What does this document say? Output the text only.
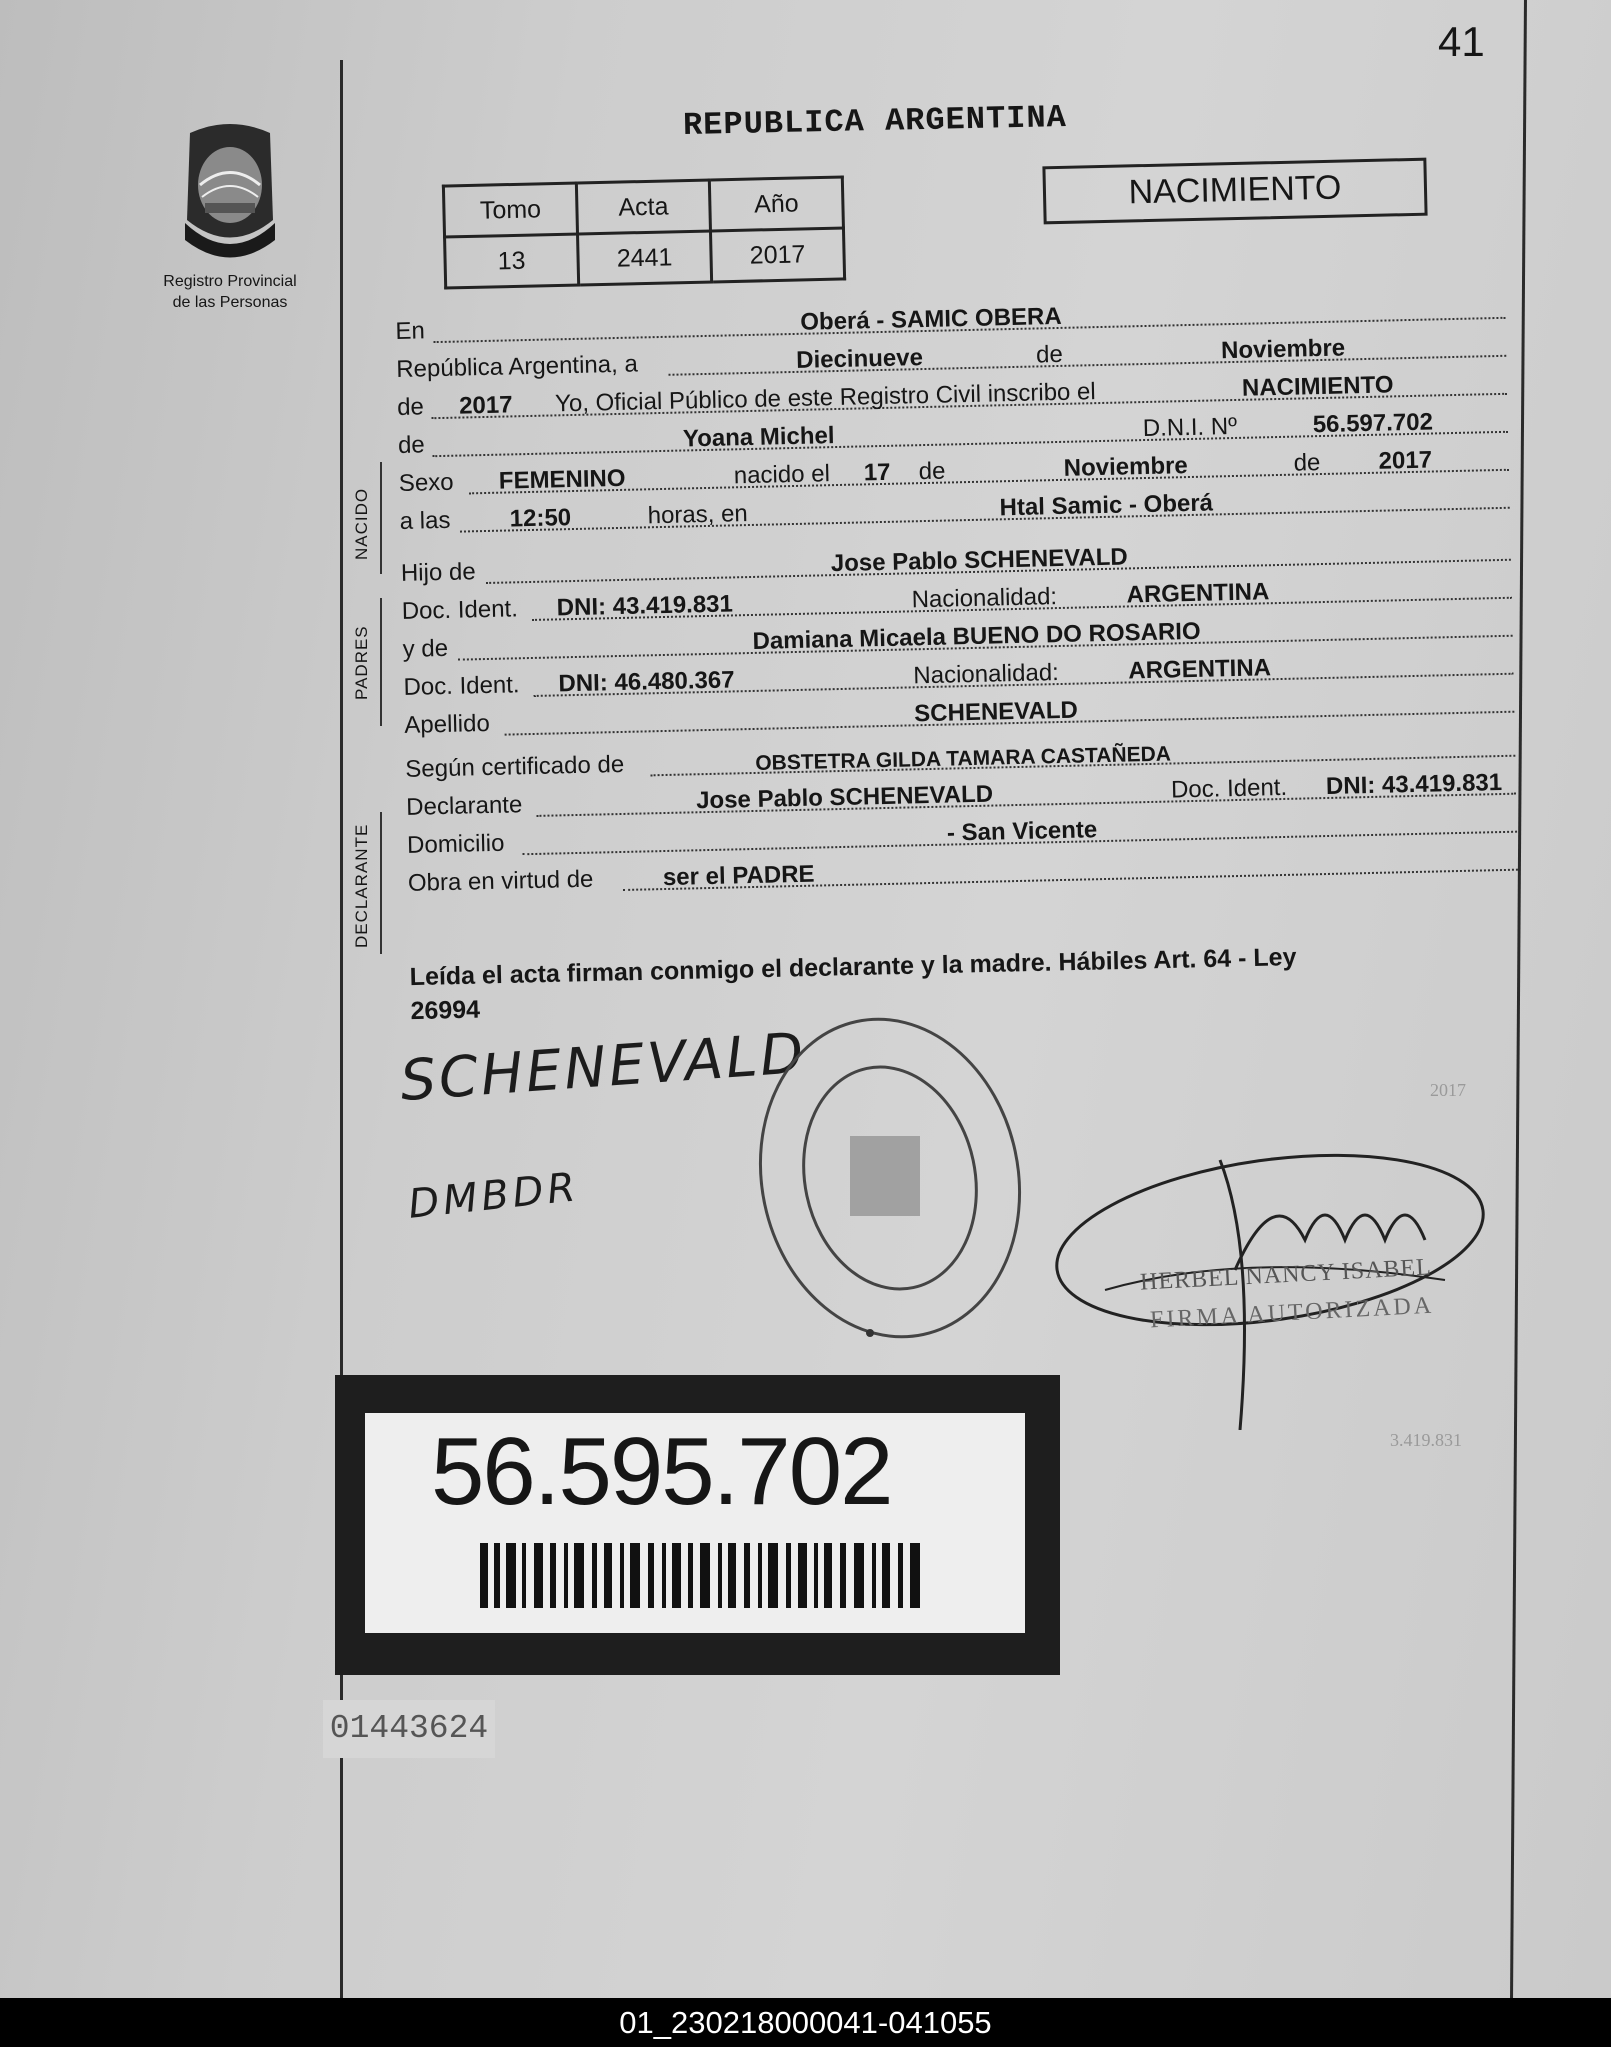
41
Registro Provincial
de las Personas
REPUBLICA ARGENTINA
Tomo	Acta	Año
13	2441	2017
NACIMIENTO
En	Oberá - SAMIC OBERA
República Argentina, a	Diecinueve	de	Noviembre
de 2017 Yo, Oficial Público de este Registro Civil inscribo el	NACIMIENTO
de	Yoana Michel	D.N.I. Nº	56.597.702
Sexo FEMENINO	nacido el 17 de	Noviembre	de 2017
a las 12:50	horas, en	Htal Samic - Oberá
Hijo de	Jose Pablo SCHENEVALD
Doc. Ident. DNI: 43.419.831	Nacionalidad:	ARGENTINA
y de	Damiana Micaela BUENO DO ROSARIO
Doc. Ident. DNI: 46.480.367	Nacionalidad:	ARGENTINA
Apellido	SCHENEVALD
Según certificado de	OBSTETRA GILDA TAMARA CASTAÑEDA
Declarante	Jose Pablo SCHENEVALD	Doc. Ident. DNI: 43.419.831
Domicilio	- San Vicente
Obra en virtud de	ser el PADRE
NACIDO
PADRES
DECLARANTE
Leída el acta firman conmigo el declarante y la madre. Hábiles Art. 64 - Ley
26994
SCHENEVALD
DMBDR
HERBEL NANCY ISABEL
FIRMA AUTORIZADA
56.595.702
01443624
3.419.831
2017
01_230218000041-041055
